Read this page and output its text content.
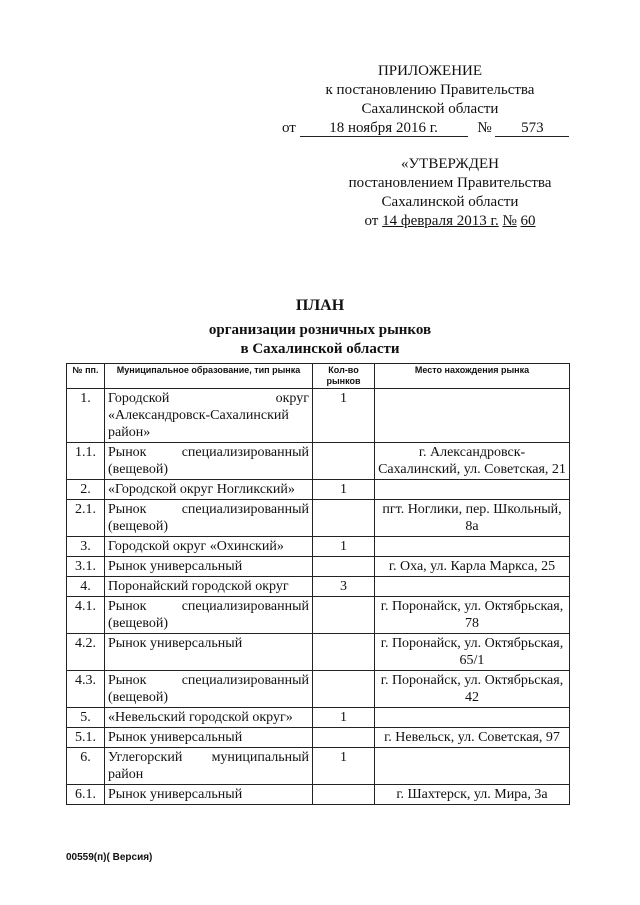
ПРИЛОЖЕНИЕ
к постановлению Правительства
Сахалинской области
от 18 ноября 2016 г.	№ 573
«УТВЕРЖДЕН
постановлением Правительства
Сахалинской области
от 14 февраля 2013 г. № 60
ПЛАН
организации розничных рынков
в Сахалинской области
№ пп.	Муниципальное образование, тип рынка	Кол-во рынков	Место нахождения рынка
1.	Городской округ «Александровск-Сахалинский район»	1	
1.1.	Рынок специализированный (вещевой)		г. Александровск-Сахалинский, ул. Советская, 21
2.	«Городской округ Ногликский»	1	
2.1.	Рынок специализированный (вещевой)		пгт. Ноглики, пер. Школьный, 8а
3.	Городской округ «Охинский»	1	
3.1.	Рынок универсальный		г. Оха, ул. Карла Маркса, 25
4.	Поронайский городской округ	3	
4.1.	Рынок специализированный (вещевой)		г. Поронайск, ул. Октябрьская, 78
4.2.	Рынок универсальный		г. Поронайск, ул. Октябрьская, 65/1
4.3.	Рынок специализированный (вещевой)		г. Поронайск, ул. Октябрьская, 42
5.	«Невельский городской округ»	1	
5.1.	Рынок универсальный		г. Невельск, ул. Советская, 97
6.	Углегорский муниципальный район	1	
6.1.	Рынок универсальный		г. Шахтерск, ул. Мира, 3а
00559(п)( Версия)
